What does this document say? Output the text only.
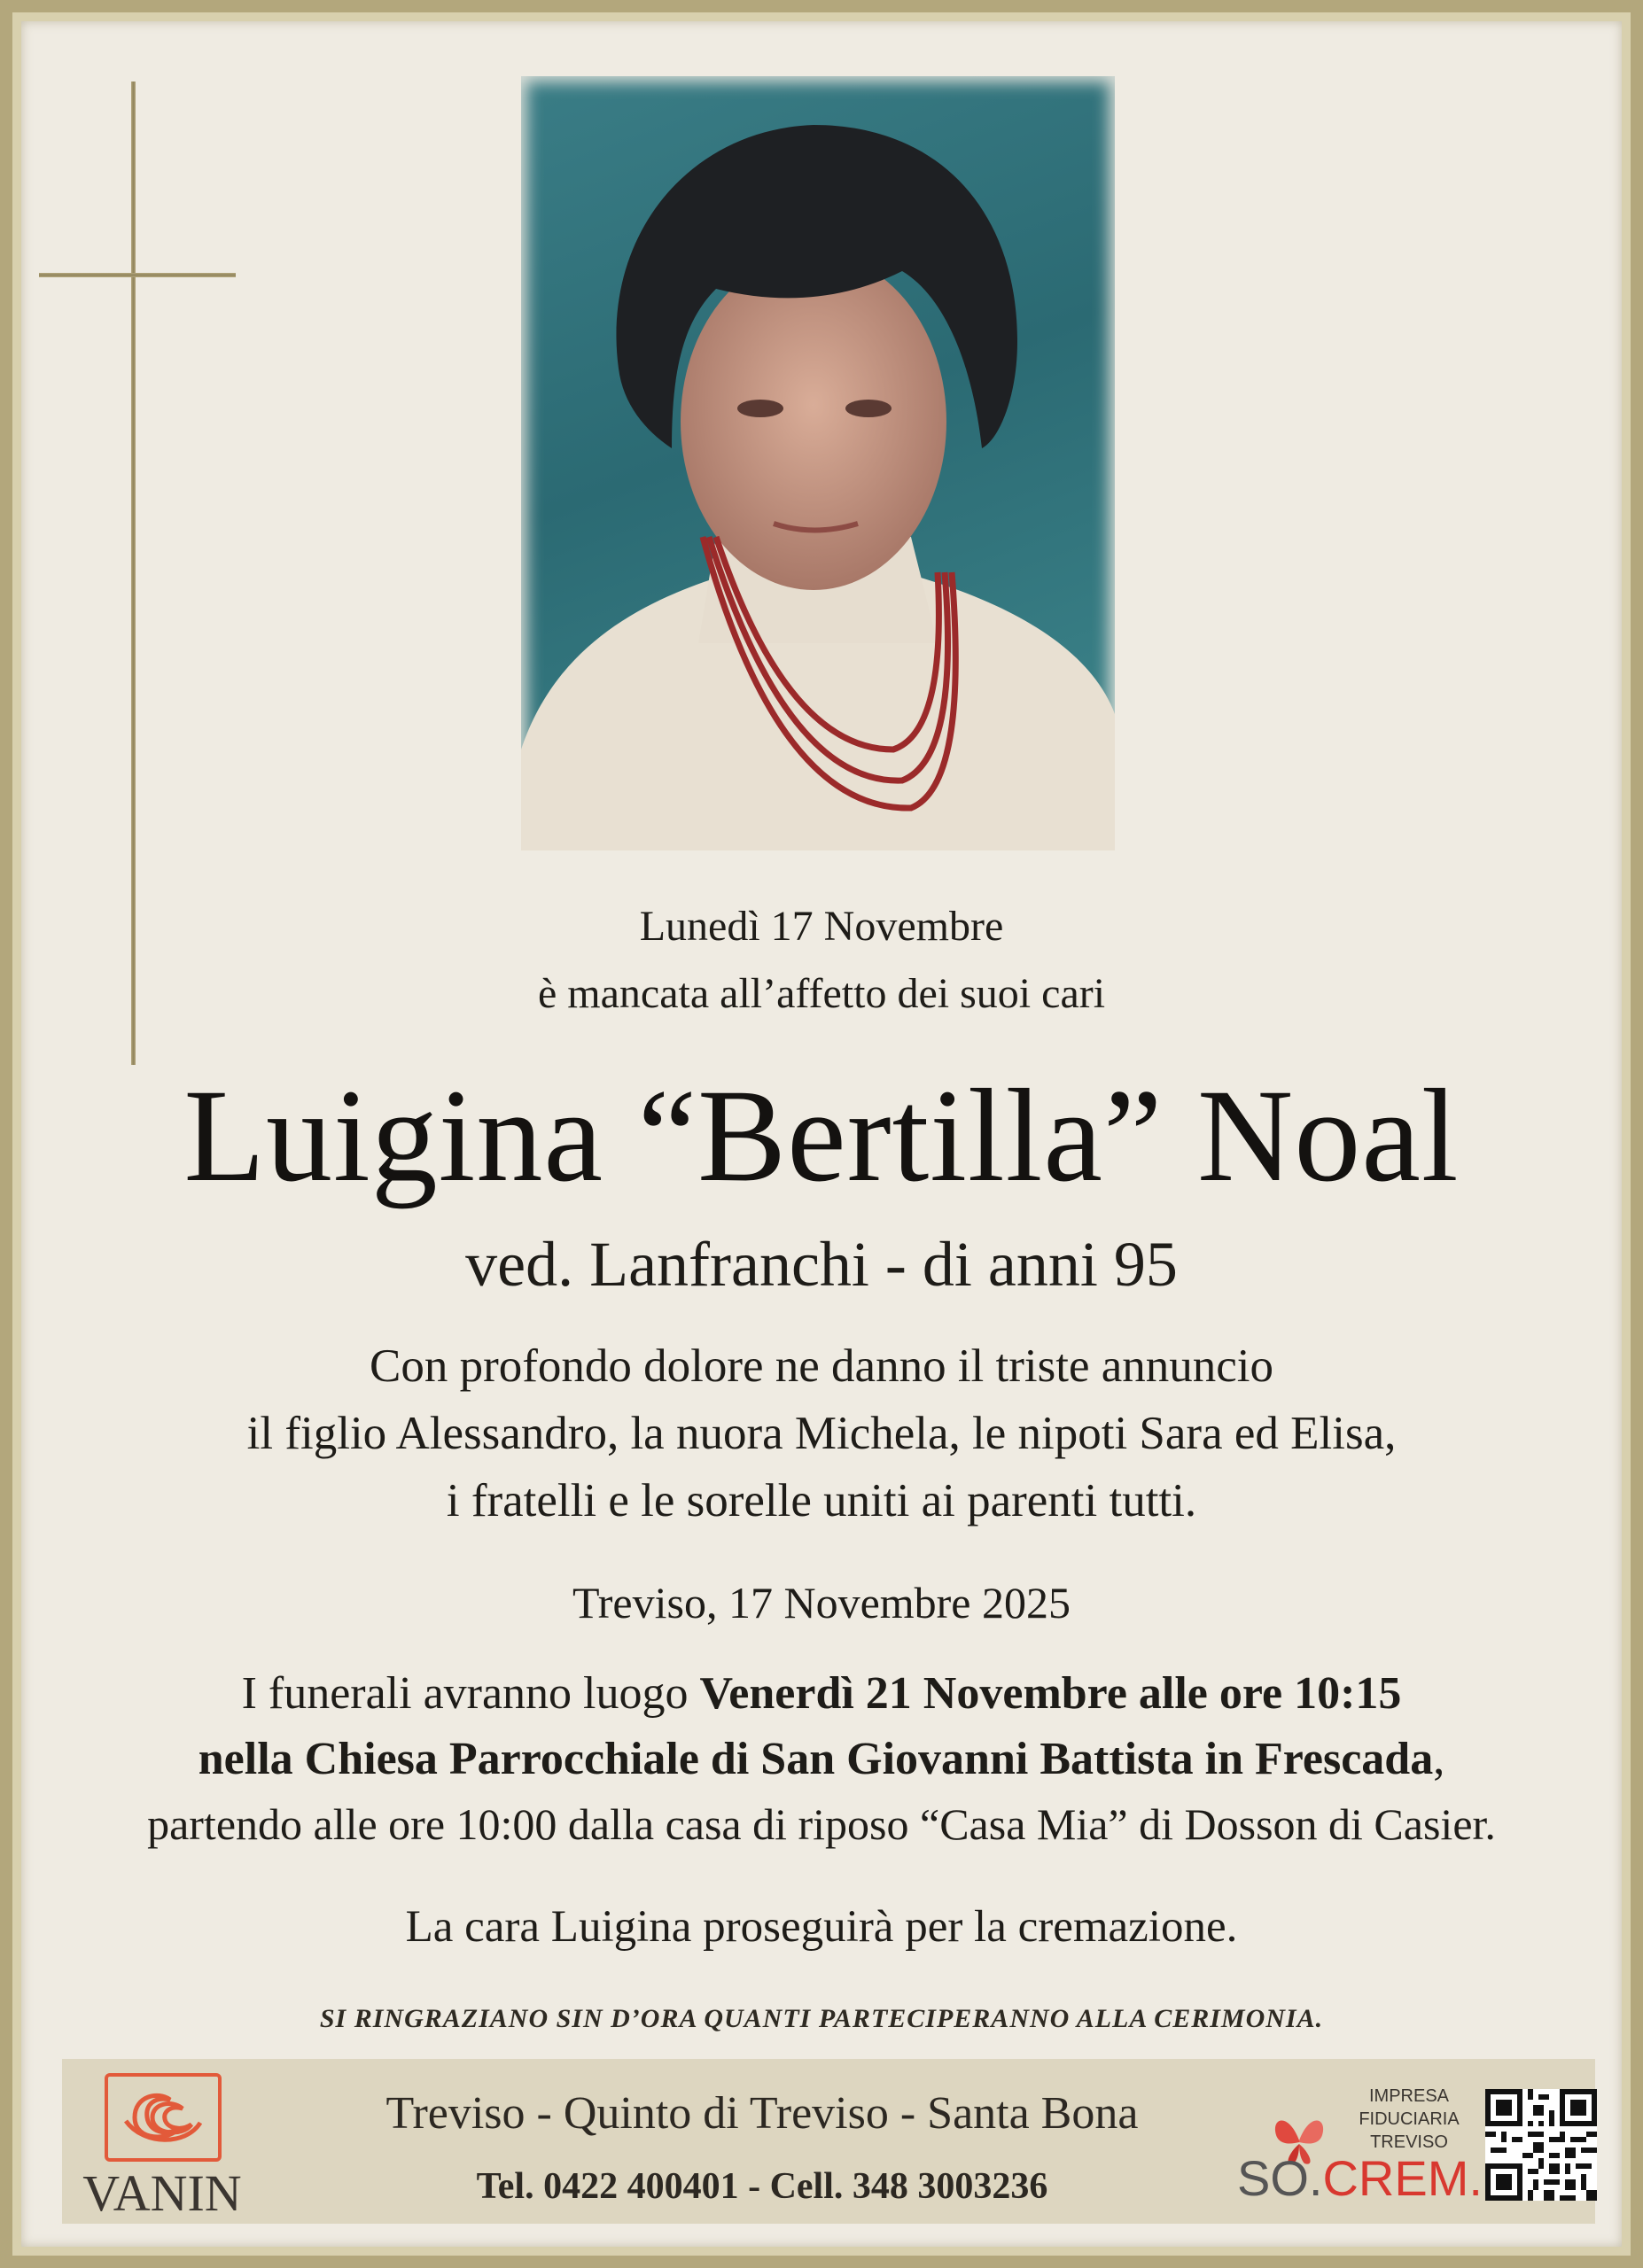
Lunedì 17 Novembre
è mancata all’affetto dei suoi cari
Luigina “Bertilla” Noal
ved. Lanfranchi - di anni 95
Con profondo dolore ne danno il triste annuncio
il figlio Alessandro, la nuora Michela, le nipoti Sara ed Elisa,
i fratelli e le sorelle uniti ai parenti tutti.
Treviso, 17 Novembre 2025
I funerali avranno luogo Venerdì 21 Novembre alle ore 10:15
nella Chiesa Parrocchiale di San Giovanni Battista in Frescada,
partendo alle ore 10:00 dalla casa di riposo “Casa Mia” di Dosson di Casier.
La cara Luigina proseguirà per la cremazione.
SI RINGRAZIANO SIN D’ORA QUANTI PARTECIPERANNO ALLA CERIMONIA.
VANIN
Treviso - Quinto di Treviso - Santa Bona
Tel. 0422 400401 - Cell. 348 3003236
IMPRESA
FIDUCIARIA
TREVISO
SO.CREM.
